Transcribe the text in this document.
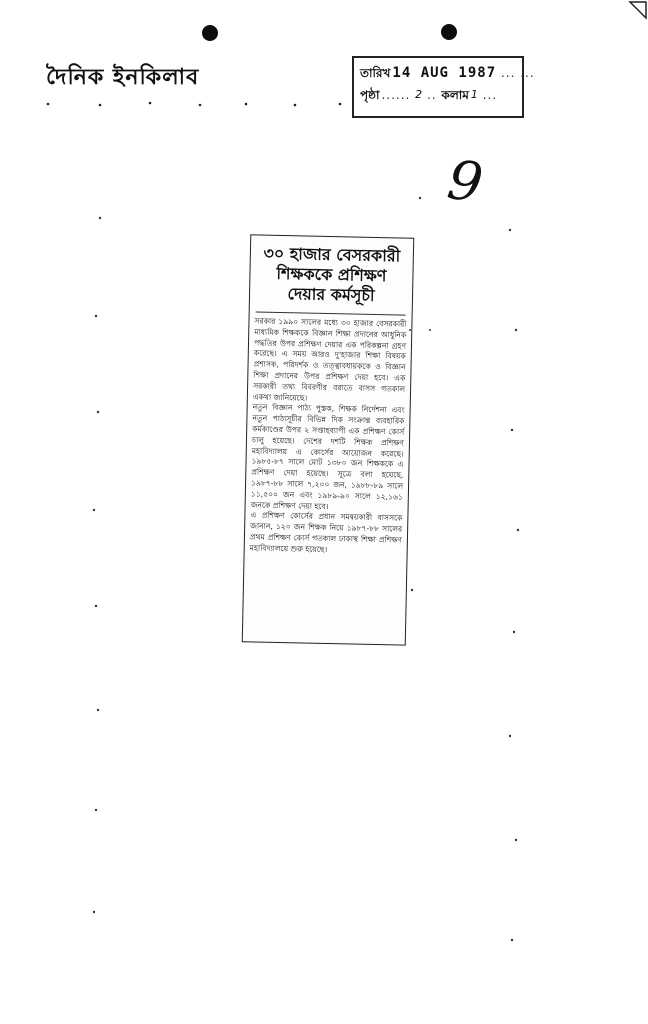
দৈনিক ইনকিলাব	তারিখ 14 AUG 1987 ... ...
পৃষ্ঠা ...... 2 .. কলাম 1 ...
9
৩০ হাজার বেসরকারী
শিক্ষককে প্রশিক্ষণ
দেয়ার কর্মসূচী

সরকার ১৯৯০ সালের মধ্যে ৩০ হাজার বেসরকারী মাধ্যমিক শিক্ষককে বিজ্ঞান শিক্ষা প্রদানের আধুনিক পদ্ধতির উপর প্রশিক্ষণ দেয়ার এক পরিকল্পনা গ্রহণ করেছে। এ সময় আরও দু'হাজার শিক্ষা বিষয়ক প্রশাসক, পরিদর্শক ও তত্ত্বাবধায়ককে ও বিজ্ঞান শিক্ষা প্রদানের উপর প্রশিক্ষণ দেয়া হবে। এক সরকারী তথ্য বিবরণীর বরাতে বাসস গতকাল একথা জানিয়েছে।

নতুন বিজ্ঞান পাঠ্য পুস্তক, শিক্ষক নির্দেশনা এবং নতুন পাঠ্যসূচীর বিভিন্ন দিক সংক্রান্ত ব্যবহারিক কর্মকাণ্ডের উপর ২ সপ্তাহব্যাপী এক প্রশিক্ষণ কোর্স চালু হয়েছে। দেশের দশটি শিক্ষক প্রশিক্ষণ মহাবিদ্যালয় এ কোর্সের আয়োজন করেছে। ১৯৮৫-৮৭ সালে মোট ১৩৮০ জন শিক্ষককে এ প্রশিক্ষণ দেয়া হয়েছে। সূত্রে বলা হয়েছে, ১৯৮৭-৮৮ সালে ৭,২০০ জন, ১৯৮৮-৮৯ সালে ১১,৫০০ জন এবং ১৯৮৯-৯০ সালে ১২,১৬১ জনকে প্রশিক্ষণ দেয়া হবে।

এ প্রশিক্ষণ কোর্সের প্রধান সমন্বয়কারী বাসসকে জানান, ১২০ জন শিক্ষক নিয়ে ১৯৮৭-৮৮ সালের প্রথম প্রশিক্ষণ কোর্স গতকাল ঢাকাস্থ শিক্ষা প্রশিক্ষণ মহাবিদ্যালয়ে শুরু হয়েছে।
